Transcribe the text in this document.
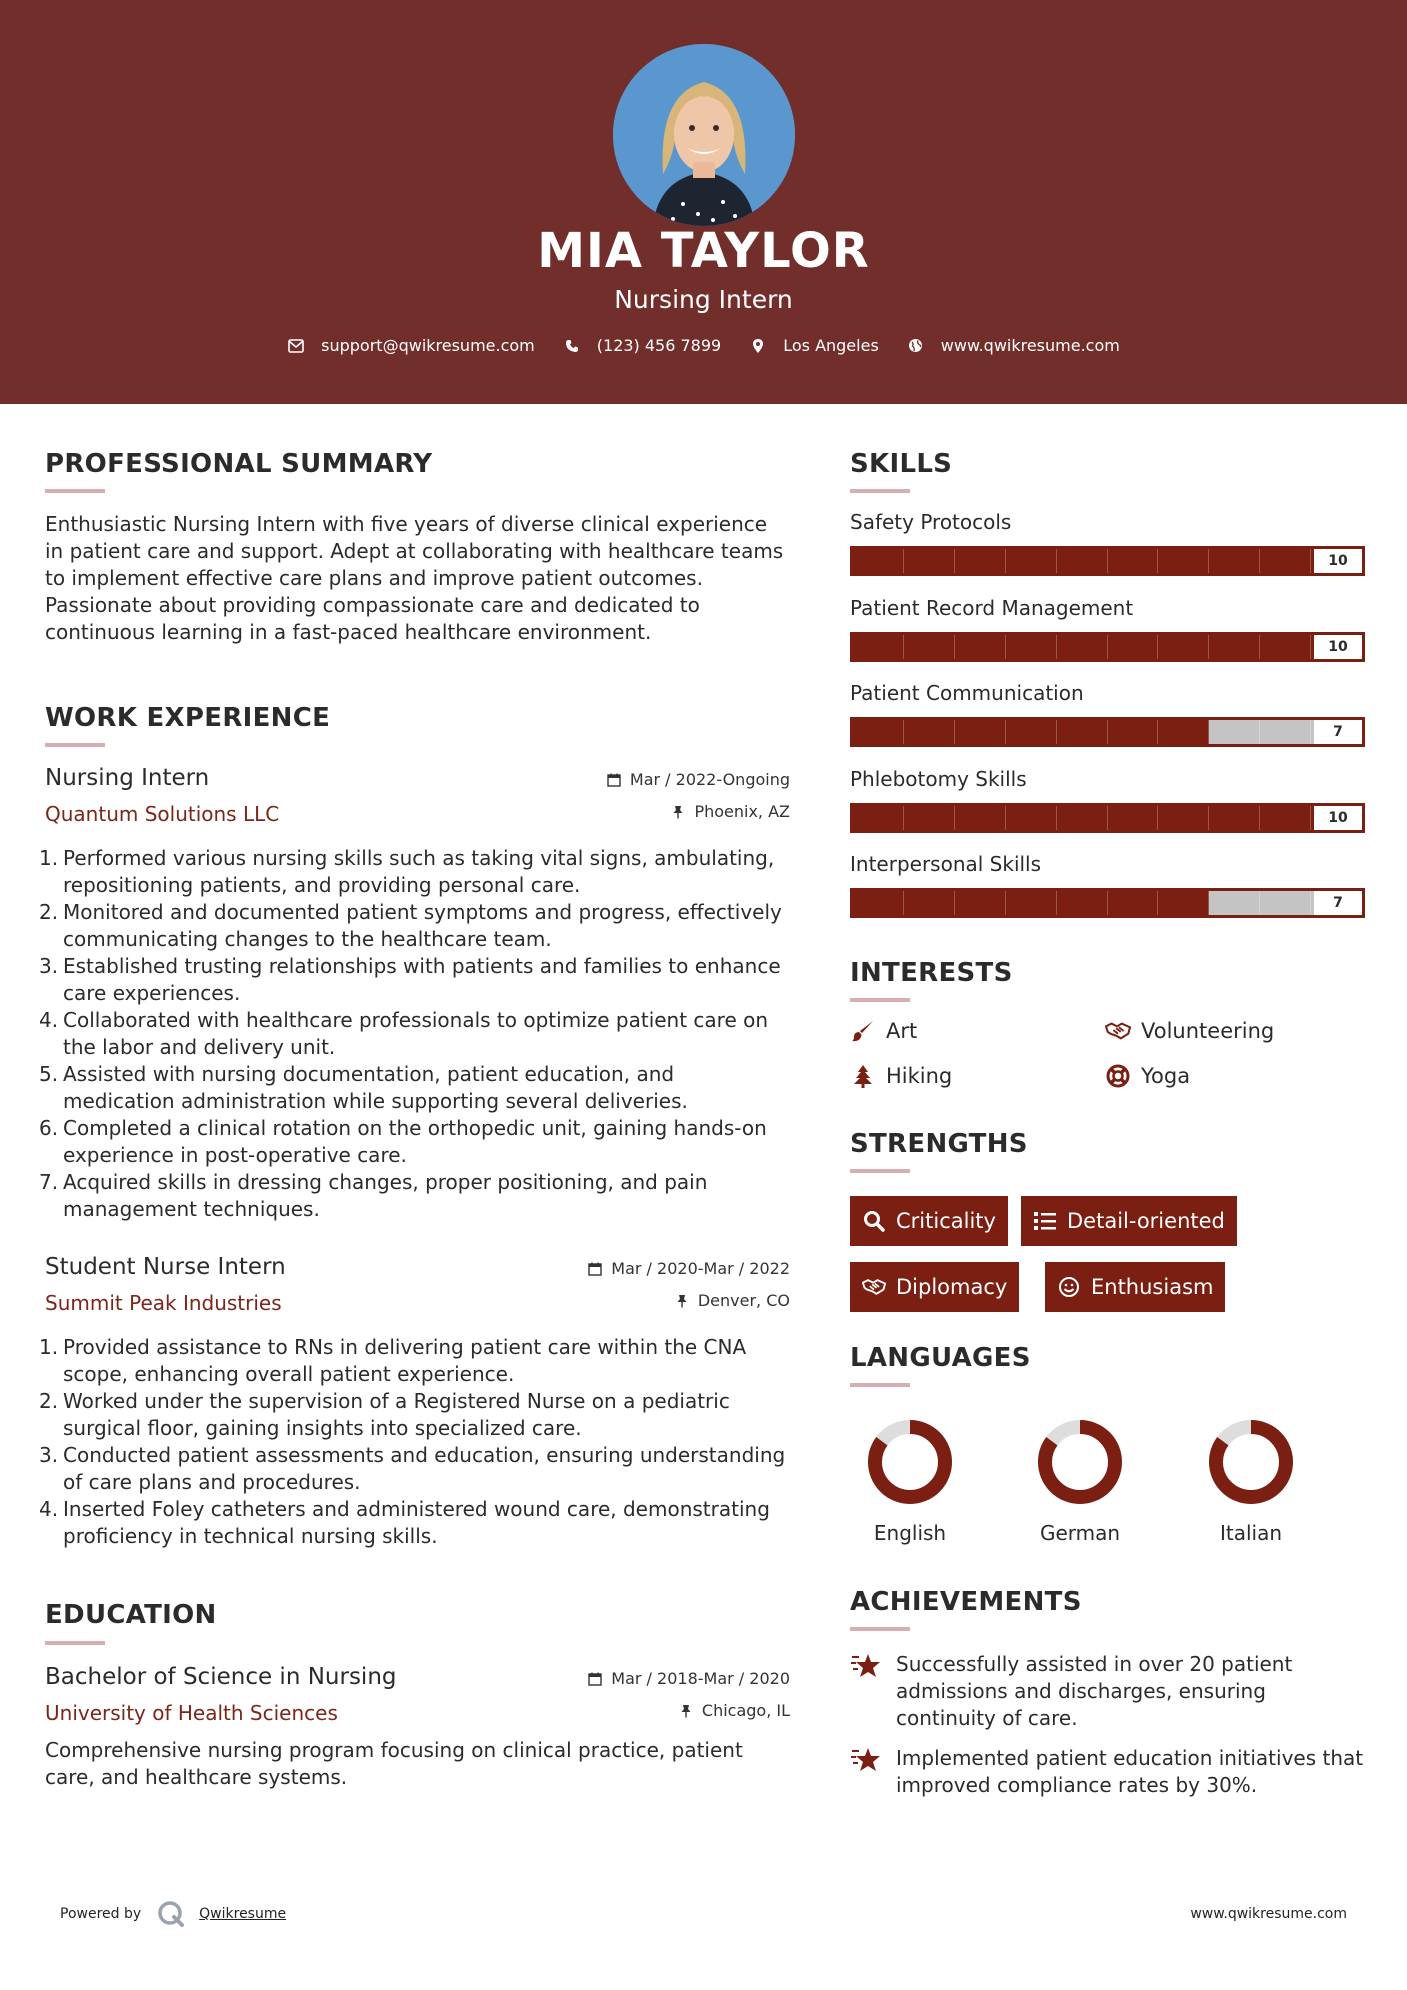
MIA TAYLOR
Nursing Intern
support@qwikresume.com	(123) 456 7899	Los Angeles	www.qwikresume.com
PROFESSIONAL SUMMARY
Enthusiastic Nursing Intern with five years of diverse clinical experience in patient care and support. Adept at collaborating with healthcare teams to implement effective care plans and improve patient outcomes. Passionate about providing compassionate care and dedicated to continuous learning in a fast-paced healthcare environment.
WORK EXPERIENCE
Nursing Intern
Quantum Solutions LLC
Mar / 2022-Ongoing
Phoenix, AZ
1. Performed various nursing skills such as taking vital signs, ambulating, repositioning patients, and providing personal care.
2. Monitored and documented patient symptoms and progress, effectively communicating changes to the healthcare team.
3. Established trusting relationships with patients and families to enhance care experiences.
4. Collaborated with healthcare professionals to optimize patient care on the labor and delivery unit.
5. Assisted with nursing documentation, patient education, and medication administration while supporting several deliveries.
6. Completed a clinical rotation on the orthopedic unit, gaining hands-on experience in post-operative care.
7. Acquired skills in dressing changes, proper positioning, and pain management techniques.
Student Nurse Intern
Summit Peak Industries
Mar / 2020-Mar / 2022
Denver, CO
1. Provided assistance to RNs in delivering patient care within the CNA scope, enhancing overall patient experience.
2. Worked under the supervision of a Registered Nurse on a pediatric surgical floor, gaining insights into specialized care.
3. Conducted patient assessments and education, ensuring understanding of care plans and procedures.
4. Inserted Foley catheters and administered wound care, demonstrating proficiency in technical nursing skills.
EDUCATION
Bachelor of Science in Nursing
University of Health Sciences
Mar / 2018-Mar / 2020
Chicago, IL
Comprehensive nursing program focusing on clinical practice, patient care, and healthcare systems.
SKILLS
Safety Protocols
10
Patient Record Management
10
Patient Communication
7
Phlebotomy Skills
10
Interpersonal Skills
7
INTERESTS
Art	Volunteering
Hiking	Yoga
STRENGTHS
Criticality	Detail-oriented
Diplomacy	Enthusiasm
LANGUAGES
English	German	Italian
ACHIEVEMENTS
Successfully assisted in over 20 patient admissions and discharges, ensuring continuity of care.
Implemented patient education initiatives that improved compliance rates by 30%.
Powered by	Qwikresume	www.qwikresume.com
